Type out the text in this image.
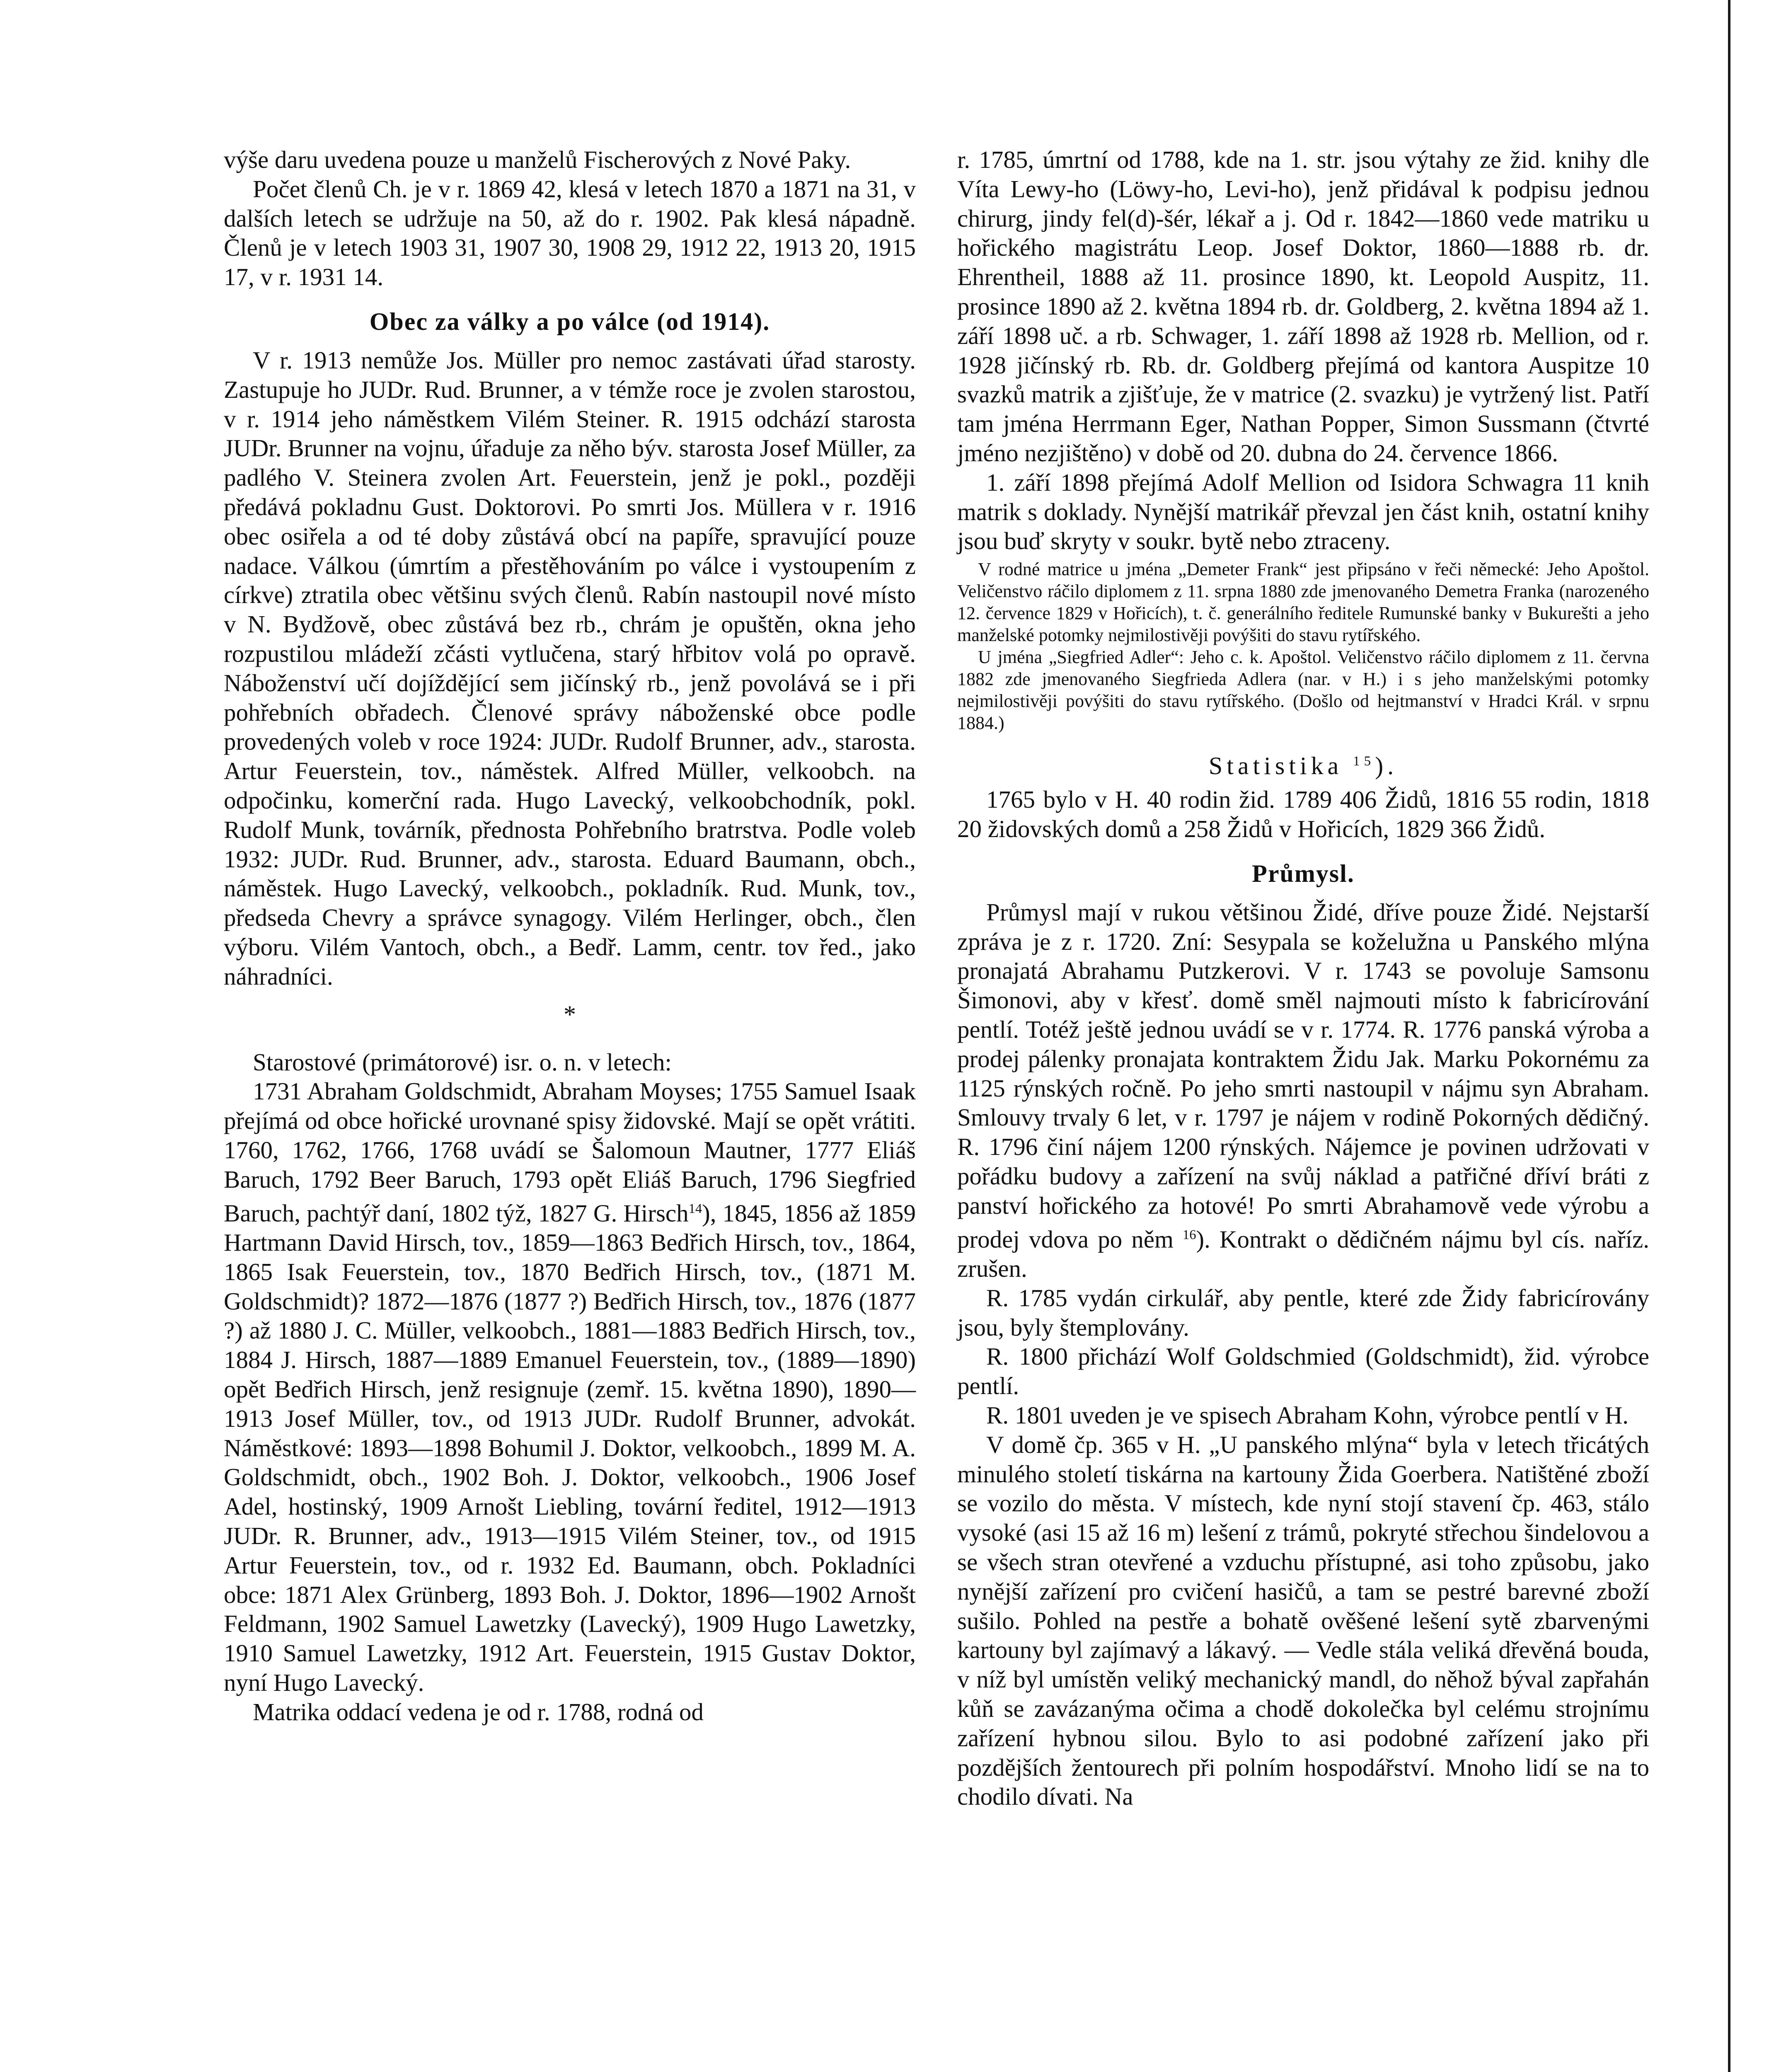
výše daru uvedena pouze u manželů Fischerových z Nové Paky.

Počet členů Ch. je v r. 1869 42, klesá v letech 1870 a 1871 na 31, v dalších letech se udržuje na 50, až do r. 1902. Pak klesá nápadně. Členů je v letech 1903 31, 1907 30, 1908 29, 1912 22, 1913 20, 1915 17, v r. 1931 14.

Obec za války a po válce (od 1914).

V r. 1913 nemůže Jos. Müller pro nemoc zastávati úřad starosty. Zastupuje ho JUDr. Rud. Brunner, a v témže roce je zvolen starostou, v r. 1914 jeho náměstkem Vilém Steiner. R. 1915 odchází starosta JUDr. Brunner na vojnu, úřaduje za něho býv. starosta Josef Müller, za padlého V. Steinera zvolen Art. Feuerstein, jenž je pokl., později předává pokladnu Gust. Doktorovi. Po smrti Jos. Müllera v r. 1916 obec osiřela a od té doby zůstává obcí na papíře, spravující pouze nadace. Válkou (úmrtím a přestěhováním po válce i vystoupením z církve) ztratila obec většinu svých členů. Rabín nastoupil nové místo v N. Bydžově, obec zůstává bez rb., chrám je opuštěn, okna jeho rozpustilou mládeží zčásti vytlučena, starý hřbitov volá po opravě. Náboženství učí dojíždějící sem jičínský rb., jenž povolává se i při pohřebních obřadech. Členové správy náboženské obce podle provedených voleb v roce 1924: JUDr. Rudolf Brunner, adv., starosta. Artur Feuerstein, tov., náměstek. Alfred Müller, velkoobch. na odpočinku, komerční rada. Hugo Lavecký, velkoobchodník, pokl. Rudolf Munk, továrník, přednosta Pohřebního bratrstva. Podle voleb 1932: JUDr. Rud. Brunner, adv., starosta. Eduard Baumann, obch., náměstek. Hugo Lavecký, velkoobch., pokladník. Rud. Munk, tov., předseda Chevry a správce synagogy. Vilém Herlinger, obch., člen výboru. Vilém Vantoch, obch., a Bedř. Lamm, centr. tov řed., jako náhradníci.

*

Starostové (primátorové) isr. o. n. v letech:

1731 Abraham Goldschmidt, Abraham Moyses; 1755 Samuel Isaak přejímá od obce hořické urovnané spisy židovské. Mají se opět vrátiti. 1760, 1762, 1766, 1768 uvádí se Šalomoun Mautner, 1777 Eliáš Baruch, 1792 Beer Baruch, 1793 opět Eliáš Baruch, 1796 Siegfried Baruch, pachtýř daní, 1802 týž, 1827 G. Hirsch$^{14}$), 1845, 1856 až 1859 Hartmann David Hirsch, tov., 1859—1863 Bedřich Hirsch, tov., 1864, 1865 Isak Feuerstein, tov., 1870 Bedřich Hirsch, tov., (1871 M. Goldschmidt)? 1872—1876 (1877 ?) Bedřich Hirsch, tov., 1876 (1877 ?) až 1880 J. C. Müller, velkoobch., 1881—1883 Bedřich Hirsch, tov., 1884 J. Hirsch, 1887—1889 Emanuel Feuerstein, tov., (1889—1890) opět Bedřich Hirsch, jenž resignuje (zemř. 15. května 1890), 1890—1913 Josef Müller, tov., od 1913 JUDr. Rudolf Brunner, advokát. Náměstkové: 1893—1898 Bohumil J. Doktor, velkoobch., 1899 M. A. Goldschmidt, obch., 1902 Boh. J. Doktor, velkoobch., 1906 Josef Adel, hostinský, 1909 Arnošt Liebling, tovární ředitel, 1912—1913 JUDr. R. Brunner, adv., 1913—1915 Vilém Steiner, tov., od 1915 Artur Feuerstein, tov., od r. 1932 Ed. Baumann, obch. Pokladníci obce: 1871 Alex Grünberg, 1893 Boh. J. Doktor, 1896—1902 Arnošt Feldmann, 1902 Samuel Lawetzky (Lavecký), 1909 Hugo Lawetzky, 1910 Samuel Lawetzky, 1912 Art. Feuerstein, 1915 Gustav Doktor, nyní Hugo Lavecký.

Matrika oddací vedena je od r. 1788, rodná od

r. 1785, úmrtní od 1788, kde na 1. str. jsou výtahy ze žid. knihy dle Víta Lewy-ho (Löwy-ho, Levi-ho), jenž přidával k podpisu jednou chirurg, jindy fel(d)-šér, lékař a j. Od r. 1842—1860 vede matriku u hořického magistrátu Leop. Josef Doktor, 1860—1888 rb. dr. Ehrentheil, 1888 až 11. prosince 1890, kt. Leopold Auspitz, 11. prosince 1890 až 2. května 1894 rb. dr. Goldberg, 2. května 1894 až 1. září 1898 uč. a rb. Schwager, 1. září 1898 až 1928 rb. Mellion, od r. 1928 jičínský rb. Rb. dr. Goldberg přejímá od kantora Auspitze 10 svazků matrik a zjišťuje, že v matrice (2. svazku) je vytržený list. Patří tam jména Herrmann Eger, Nathan Popper, Simon Sussmann (čtvrté jméno nezjištěno) v době od 20. dubna do 24. července 1866.

1. září 1898 přejímá Adolf Mellion od Isidora Schwagra 11 knih matrik s doklady. Nynější matrikář převzal jen část knih, ostatní knihy jsou buď skryty v soukr. bytě nebo ztraceny.

V rodné matrice u jména „Demeter Frank“ jest připsáno v řeči německé: Jeho Apoštol. Veličenstvo ráčilo diplomem z 11. srpna 1880 zde jmenovaného Demetra Franka (narozeného 12. července 1829 v Hořicích), t. č. generálního ředitele Rumunské banky v Bukurešti a jeho manželské potomky nejmilostivěji povýšiti do stavu rytířského.

U jména „Siegfried Adler“: Jeho c. k. Apoštol. Veličenstvo ráčilo diplomem z 11. června 1882 zde jmenovaného Siegfrieda Adlera (nar. v H.) i s jeho manželskými potomky nejmilostivěji povýšiti do stavu rytířského. (Došlo od hejtmanství v Hradci Král. v srpnu 1884.)

Statistika $^{15}$).

1765 bylo v H. 40 rodin žid. 1789 406 Židů, 1816 55 rodin, 1818 20 židovských domů a 258 Židů v Hořicích, 1829 366 Židů.

Průmysl.

Průmysl mají v rukou většinou Židé, dříve pouze Židé. Nejstarší zpráva je z r. 1720. Zní: Sesypala se koželužna u Panského mlýna pronajatá Abrahamu Putzkerovi. V r. 1743 se povoluje Samsonu Šimonovi, aby v křesť. domě směl najmouti místo k fabricírování pentlí. Totéž ještě jednou uvádí se v r. 1774. R. 1776 panská výroba a prodej pálenky pronajata kontraktem Židu Jak. Marku Pokornému za 1125 rýnských ročně. Po jeho smrti nastoupil v nájmu syn Abraham. Smlouvy trvaly 6 let, v r. 1797 je nájem v rodině Pokorných dědičný. R. 1796 činí nájem 1200 rýnských. Nájemce je povinen udržovati v pořádku budovy a zařízení na svůj náklad a patřičné dříví bráti z panství hořického za hotové! Po smrti Abrahamově vede výrobu a prodej vdova po něm $^{16}$). Kontrakt o dědičném nájmu byl cís. naříz. zrušen.

R. 1785 vydán cirkulář, aby pentle, které zde Židy fabricírovány jsou, byly štemplovány.

R. 1800 přichází Wolf Goldschmied (Goldschmidt), žid. výrobce pentlí.

R. 1801 uveden je ve spisech Abraham Kohn, výrobce pentlí v H.

V domě čp. 365 v H. „U panského mlýna“ byla v letech třicátých minulého století tiskárna na kartouny Žida Goerbera. Natištěné zboží se vozilo do města. V místech, kde nyní stojí stavení čp. 463, stálo vysoké (asi 15 až 16 m) lešení z trámů, pokryté střechou šindelovou a se všech stran otevřené a vzduchu přístupné, asi toho způsobu, jako nynější zařízení pro cvičení hasičů, a tam se pestré barevné zboží sušilo. Pohled na pestře a bohatě ověšené lešení sytě zbarvenými kartouny byl zajímavý a lákavý. — Vedle stála veliká dřevěná bouda, v níž byl umístěn veliký mechanický mandl, do něhož býval zapřahán kůň se zavázanýma očima a chodě dokolečka byl celému strojnímu zařízení hybnou silou. Bylo to asi podobné zařízení jako při pozdějších žentourech při polním hospodářství. Mnoho lidí se na to chodilo dívati. Na
